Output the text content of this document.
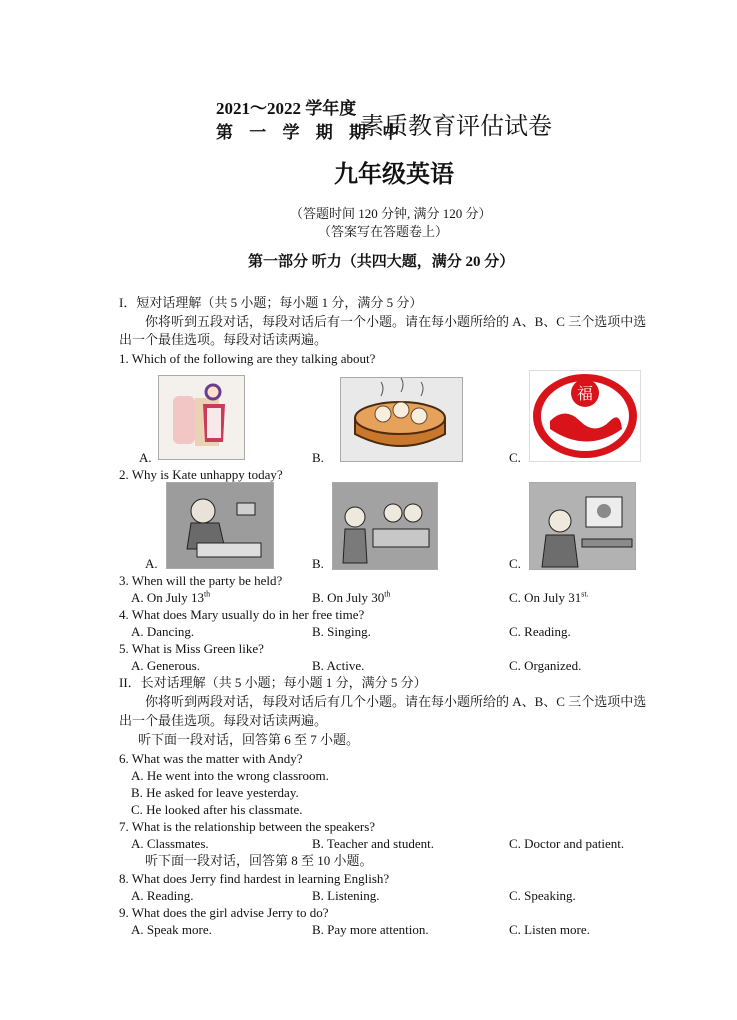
2021～2022 学年度
第 一 学 期 期 中
素质教育评估试卷
九年级英语
（答题时间 120 分钟, 满分 120 分）
（答案写在答题卷上）
第一部分 听力（共四大题，满分 20 分）
I．短对话理解（共 5 小题；每小题 1 分，满分 5 分）
你将听到五段对话，每段对话后有一个小题。请在每小题所给的 A、B、C 三个选项中选
出一个最佳选项。每段对话读两遍。
1. Which of the following are they talking about?
A.	B.
福
C.
2. Why is Kate unhappy today?
A.	B.	C.
3. When will the party be held?
A. On July 13th	B. On July 30th	C. On July $31^{st.}$
4. What does Mary usually do in her free time?
A. Dancing.	B. Singing.	C. Reading.
5. What is Miss Green like?
A. Generous.	B. Active.	C. Organized.
II．长对话理解（共 5 小题；每小题 1 分，满分 5 分）
你将听到两段对话，每段对话后有几个小题。请在每小题所给的 A、B、C 三个选项中选
出一个最佳选项。每段对话读两遍。
听下面一段对话，回答第 6 至 7 小题。
6. What was the matter with Andy?
A. He went into the wrong classroom.
B. He asked for leave yesterday.
C. He looked after his classmate.
7. What is the relationship between the speakers?
A. Classmates.	B. Teacher and student.	C. Doctor and patient.
听下面一段对话，回答第 8 至 10 小题。
8. What does Jerry find hardest in learning English?
A. Reading.	B. Listening.	C. Speaking.
9. What does the girl advise Jerry to do?
A. Speak more.	B. Pay more attention.	C. Listen more.
